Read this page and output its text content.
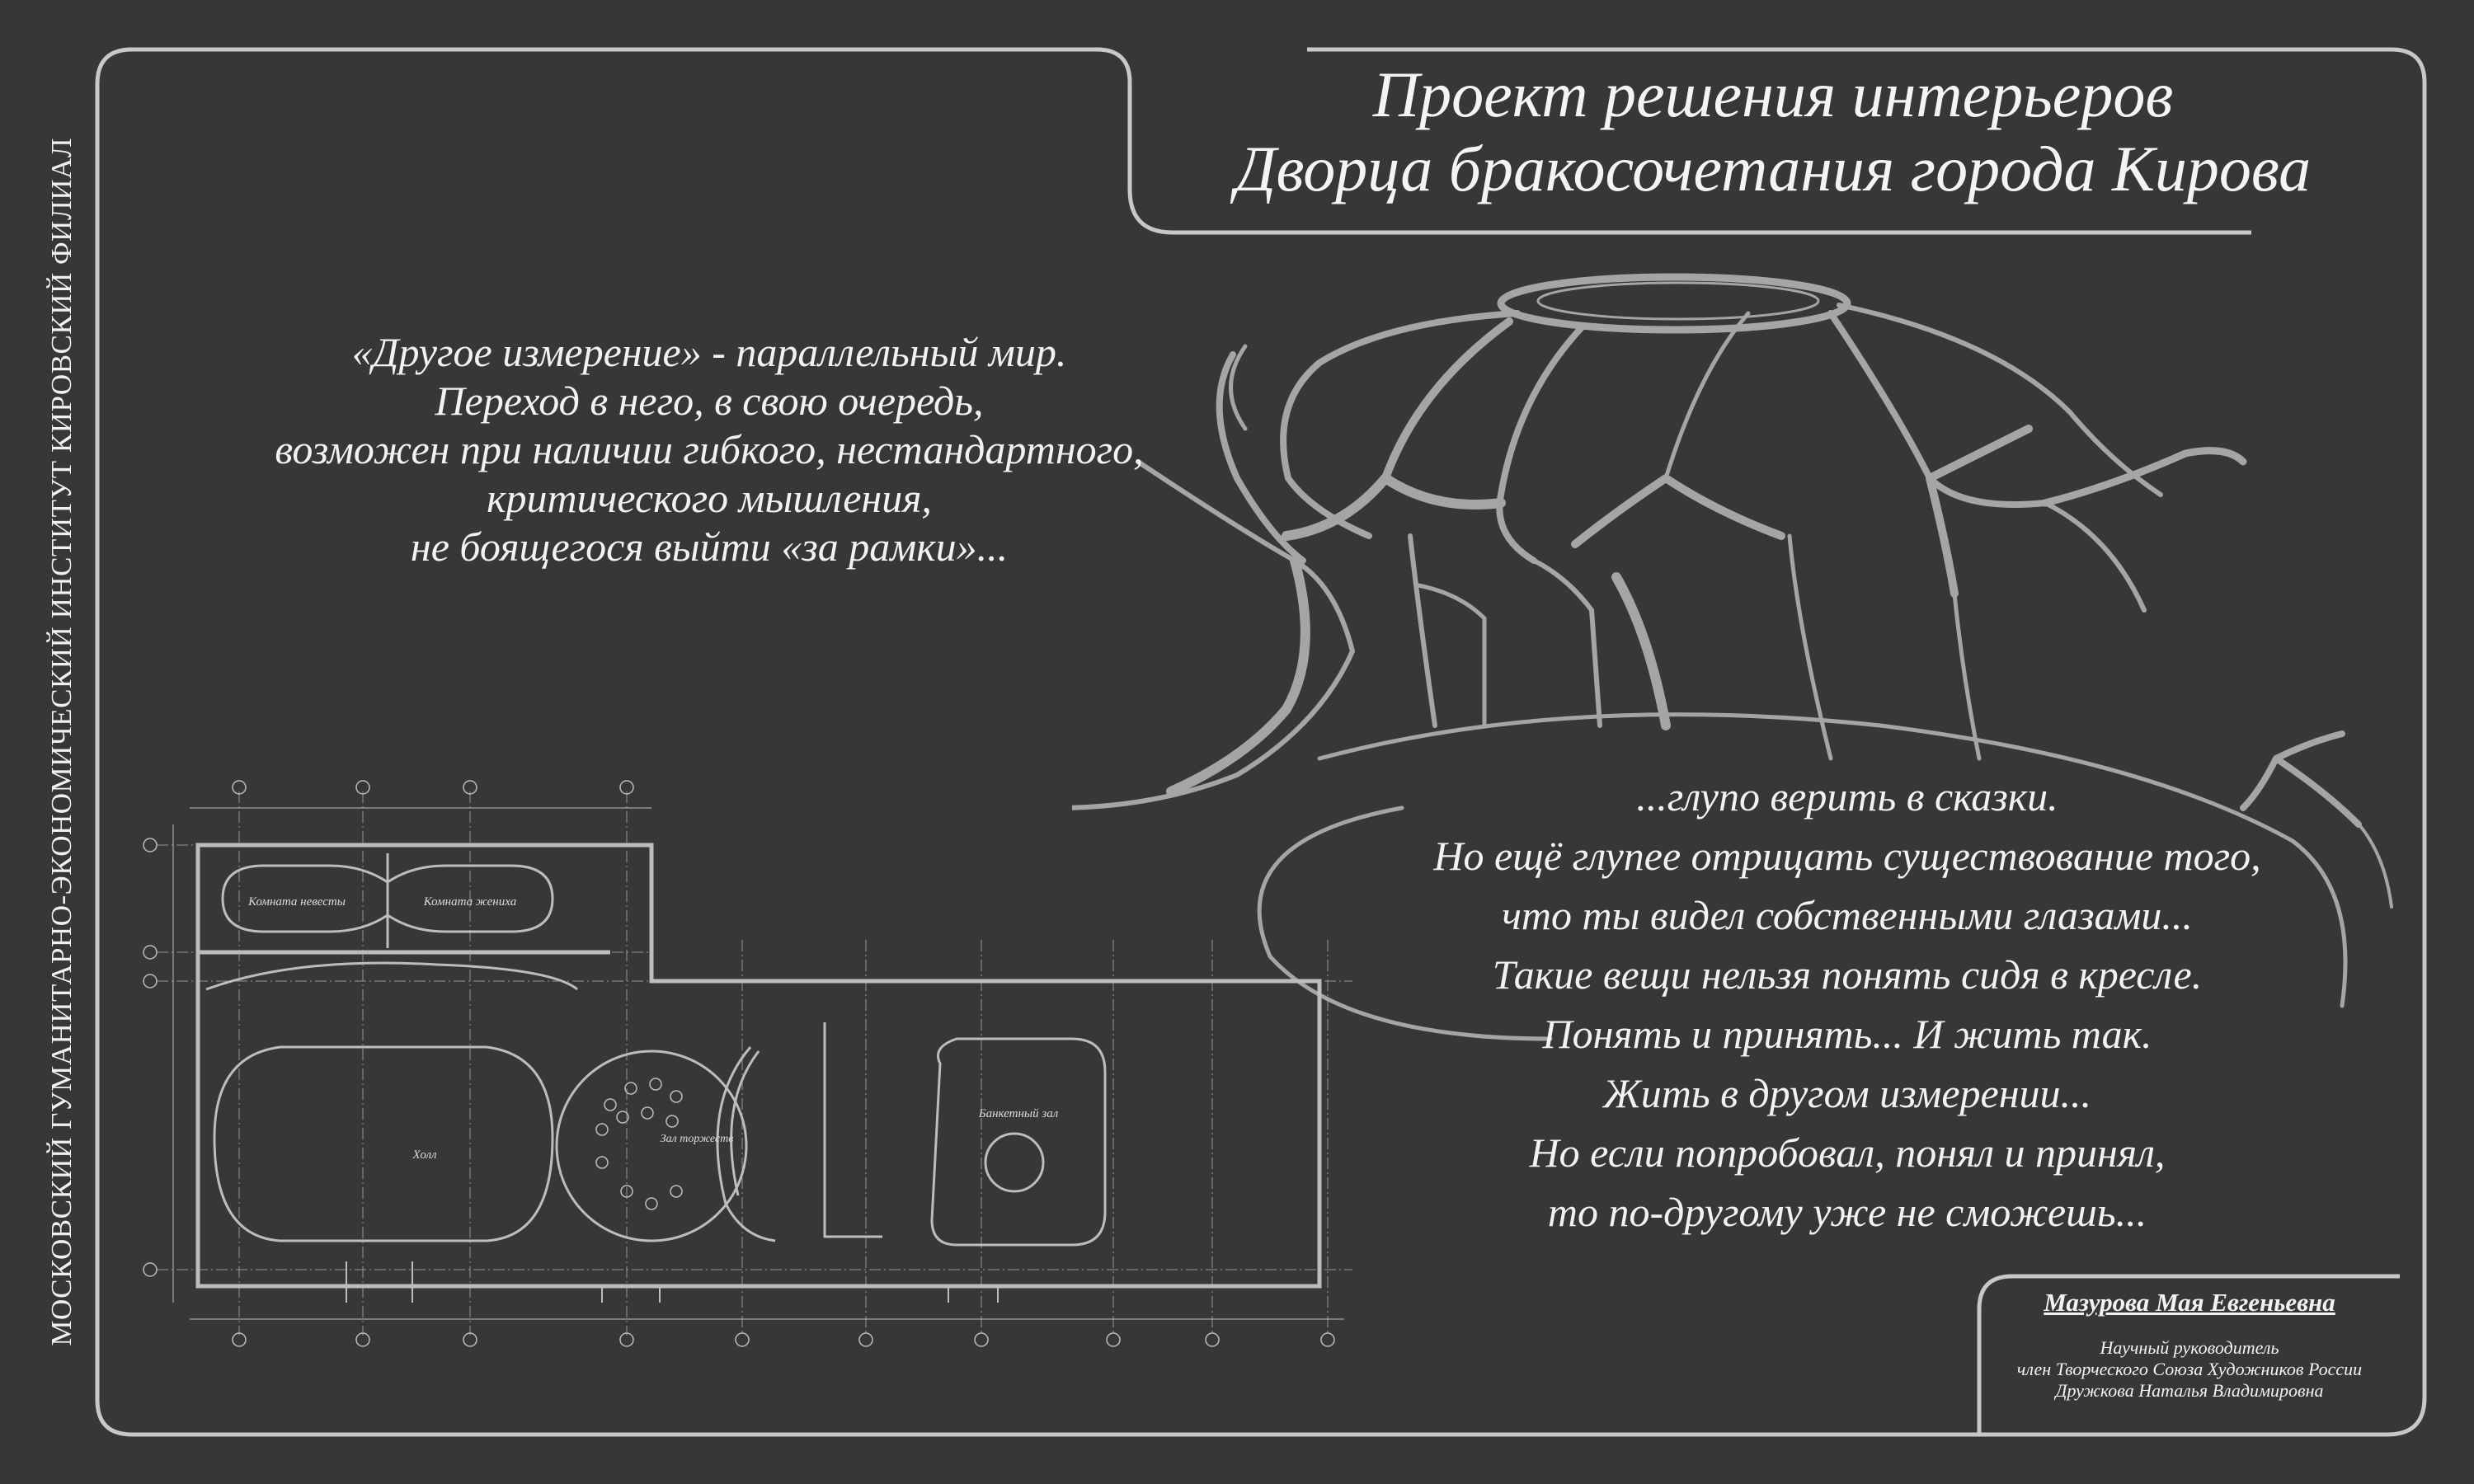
МОСКОВСКИЙ ГУМАНИТАРНО-ЭКОНОМИЧЕСКИЙ ИНСТИТУТ КИРОВСКИЙ ФИЛИАЛ
Проект решения интерьеров
Дворца бракосочетания города Кирова
«Другое измерение» - параллельный мир.
Переход в него, в свою очередь,
возможен при наличии гибкого, нестандартного,
критического мышления,
не боящегося выйти «за рамки»...
Комната невесты	Комната жениха
Холл
Зал торжеств
Банкетный зал
...глупо верить в сказки.
Но ещё глупее отрицать существование того,
что ты видел собственными глазами...
Такие вещи нельзя понять сидя в кресле.
Понять и принять... И жить так.
Жить в другом измерении...
Но если попробовал, понял и принял,
то по-другому уже не сможешь...
Мазурова Мая Евгеньевна
Научный руководитель
член Творческого Союза Художников России
Дружкова Наталья Владимировна
